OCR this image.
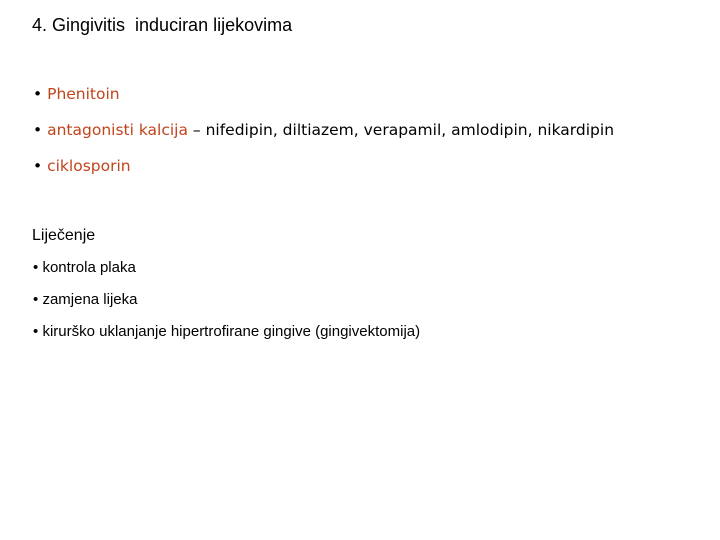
4. Gingivitis  induciran lijekovima
• Phenitoin
• antagonisti kalcija – nifedipin, diltiazem, verapamil, amlodipin, nikardipin
• ciklosporin
Liječenje
• kontrola plaka
• zamjena lijeka
• kirurško uklanjanje hipertrofirane gingive (gingivektomija)
